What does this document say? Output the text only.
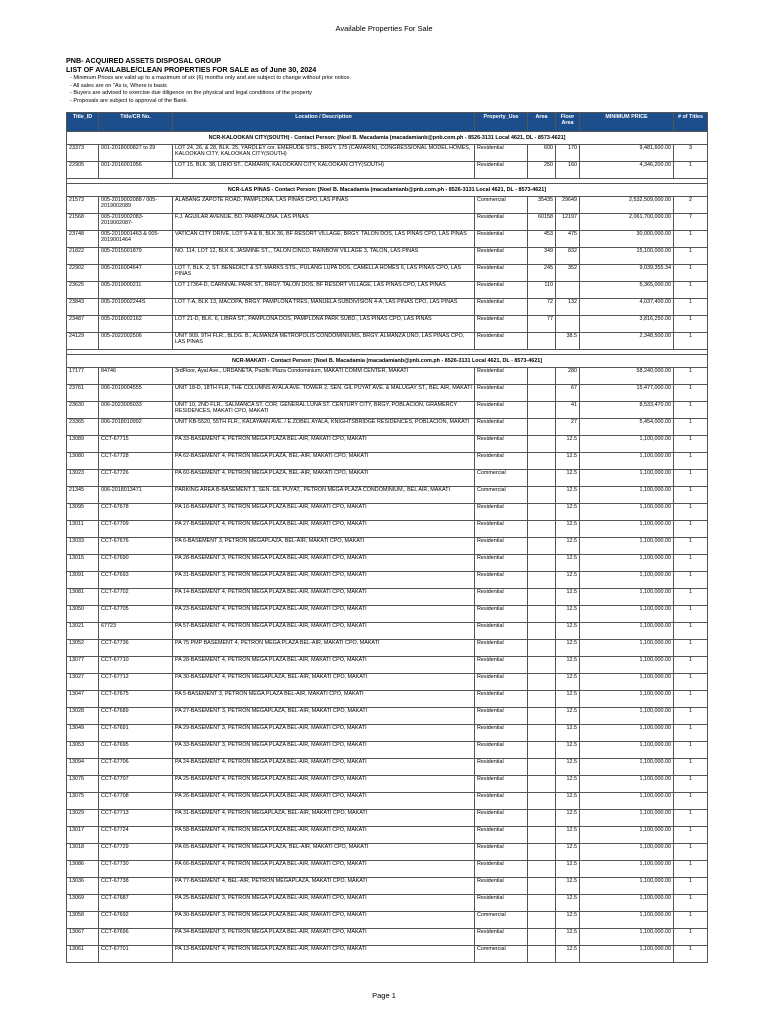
Available Properties For Sale
PNB- ACQUIRED ASSETS DISPOSAL GROUP
LIST OF AVAILABLE/CLEAN PROPERTIES FOR SALE as of June 30, 2024
- Minimum Prices are valid up to a maximum of six (6) months only and are subject to change without prior notice.
- All sales are on "As is, Where is basis
- Buyers are advised to exercise due diligence on the physical and legal conditions of the property
- Proposals are subject to approval of the Bank.
Title_ID	Title/CR No.	Location / Description	Property_Use	Area	Floor Area	MINIMUM PRICE	# of Titles
NCR-KALOOKAN CITY(SOUTH) - Contact Person: [Noel B. Macadamia (macadamianb@pnb.com.ph - 8526-3131 Local 4621, DL - 8573-4621]							
23373	001-2018000827 to 29	LOT 24, 26, & 28, BLK. 25, YARDLEY cor. EMERUDE STS., BRGY. 175 (CAMARIN), CONGRESSIONAL MODEL HOMES, KALOOKAN CITY, KALOOKAN CITY(SOUTH)	Residential	600	170	9,481,600.00	3
22905	001-2016001956	LOT 15, BLK. 38, LIRIO ST., CAMARIN, KALOOKAN CITY, KALOOKAN CITY(SOUTH)	Residential	250	160	4,346,200.00	1

NCR-LAS PINAS - Contact Person: [Noel B. Macadamia (macadamianb@pnb.com.ph - 8526-3131 Local 4621, DL - 8573-4621]							
21573	005-2019002088 / 005-2019002089	ALABANG ZAPOTE ROAD, PAMPLONA, LAS PINAS CPO, LAS PINAS	Commercial	35435	29649	2,532,509,000.00	2
21568	005-2019002083-2019002087-	F.J. AGUILAR AVENUE, BO. PAMPALONA, LAS PINAS	Residential	60158	12197	2,061,700,000.00	7
23748	005-2019001463 & 005-2019001464	VATICAN CITY DRIVE, LOT 9-A & B, BLK 36, BF RESORT VILLAGE, BRGY. TALON DOS, LAS PINAS CPO, LAS PINAS	Residential	453	475	30,000,000.00	1
21822	005-2015001879	NO. 114, LOT 12, BLK 6, JASMINE ST.,, TALON CINCO, RAINBOW VILLAGE 3, TALON, LAS PINAS	Residential	349	832	15,100,000.00	1
22902	005-2016004647	LOT 7, BLK. 2, ST. BENEDICT & ST. MARKS STS., PULANG LUPA DOS, CAMELLA HOMES 6, LAS PINAS CPO, LAS PINAS	Residential	245	352	9,039,355.34	1
23625	005-2019000211	LOT 17364-D, CARNIVAL PARK ST., BRGY. TALON DOS, BF RESORT VILLAGE, LAS PINAS CPO, LAS PINAS	Residential	110		5,365,000.00	1
23843	005-2019002244S	LOT 7-A, BLK 13, MACOPA, BRGY. PAMPLONA TRES, MANUELA SUBDIVISION 4-A, LAS PINAS CPO, LAS PINAS	Residential	72	132	4,037,400.00	1
23487	005-2018002162	LOT 21-D, BLK. 6, LIBRA ST., PAMPLONA DOS, PAMPLONA PARK SUBD., LAS PINAS CPO, LAS PINAS	Residential	77		3,816,250.00	1
24129	005-2022002506	UNIT 909, 9TH FLR., BLDG. B., ALMANZA METROPOLIS CONDOMINIUMS, BRGY. ALMANZA UNO, LAS PINAS CPO, LAS PINAS	Residential		38.5	2,348,500.00	1

NCR-MAKATI - Contact Person: [Noel B. Macadamia (macadamianb@pnb.com.ph - 8526-3131 Local 4621, DL - 8573-4621]							
17177	84746	3rdFloor, Ayal Ave., URDANETA, Pacific Plaza Condominium, MAKATI COMM CENTER, MAKATI	Residential		280	58,240,000.00	1
23761	006-2019004555	UNIT 18-D, 18TH FLR, THE COLUMNS AYALA AVE. TOWER 2, SEN. GIL PUYAT AVE. & MALUGAY ST., BEL AIR, MAKATI	Residential		67	15,477,000.00	1
23630	006-2023005033	UNIT 10, 2ND FLR., SALMANCA ST. COR. GENERAL LUNA ST. CENTURY CITY, BRGY. POBLACION, GRAMERCY RESIDENCES, MAKATI CPO, MAKATI	Residential		41	8,533,470.00	1
23365	006-2018010992	UNIT KB-5520, 55TH FLR., KALAYAAN AVE. / E.ZOBEL AYALA, KNIGHTSBRIDGE RESIDENCES, POBLACION, MAKATI	Residential		27	5,454,000.00	1
13089	CCT-67715	PA 33-BASEMENT 4, PETRON MEGA PLAZA BEL-AIR, MAKATI CPO, MAKATI	Residential		12.5	1,100,000.00	1
13080	CCT-67728	PA 62-BASEMENT 4, PETRON MEGA PLAZA, BEL-AIR, MAKATI CPO, MAKATI	Residential		12.5	1,100,000.00	1
13023	CCT-67726	PA 60-BASEMENT 4, PETRON MEGA PLAZA, BEL-AIR, MAKATI CPO, MAKATI	Commercial		12.5	1,100,000.00	1
21345	006-2018013471	PARKING AREA B-BASEMENT 3, SEN. GIL PUYAT,, PETRON MEGA PLAZA CONDOMINIUM,, BEL AIR, MAKATI	Commercial		12.5	1,100,000.00	1
13095	CCT-67678	PA 16-BASEMENT 3, PETRON MEGA PLAZA BEL-AIR, MAKATI CPO, MAKATI	Residential		12.5	1,100,000.00	1
13011	CCT-67709	PA 27-BASEMENT 4, PETRON MEGA PLAZA BEL-AIR, MAKATI CPO, MAKATI	Residential		12.5	1,100,000.00	1
13033	CCT-67676	PA 6-BASEMENT 3, PETRON MEGAPLAZA, BEL-AIR, MAKATI CPO, MAKATI	Residential		12.5	1,100,000.00	1
13015	CCT-67690	PA 28-BASEMENT 3, PETRON MEGA PLAZA BEL-AIR, MAKATI CPO, MAKATI	Residential		12.5	1,100,000.00	1
13091	CCT-67693	PA 31-BASEMENT 3, PETRON MEGA PLAZA BEL-AIR, MAKATI CPO, MAKATI	Residential		12.5	1,100,000.00	1
13081	CCT-67702	PA 14-BASEMENT 4, PETRON MEGA PLAZA BEL-AIR, MAKATI CPO, MAKATI	Residential		12.5	1,100,000.00	1
13050	CCT-67705	PA 23-BASEMENT 4, PETRON MEGA PLAZA BEL-AIR, MAKATI CPO, MAKATI	Residential		12.5	1,100,000.00	1
13021	67723	PA 57-BASEMENT 4, PETRON MEGA PLAZA BEL-AIR, MAKATI CPO, MAKATI	Residential		12.5	1,100,000.00	1
13052	CCT-67736	PA 75 PMP BASEMENT 4, PETRON MEGA PLAZA BEL-AIR, MAKATI CPO, MAKATI	Residential		12.5	1,100,000.00	1
13077	CCT-67710	PA 28-BASEMENT 4, PETRON MEGA PLAZA BEL-AIR, MAKATI CPO, MAKATI	Residential		12.5	1,100,000.00	1
13027	CCT-67712	PA 30-BASEMENT 4, PETRON MEGAPLAZA, BEL-AIR, MAKATI CPO, MAKATI	Residential		12.5	1,100,000.00	1
13047	CCT-67675	PA 5-BASEMENT 3, PETRON MEGA PLAZA BEL-AIR, MAKATI CPO, MAKATI	Residential		12.5	1,100,000.00	1
13028	CCT-67689	PA 27-BASEMENT 3, PETRON MEGAPLAZA, BEL-AIR, MAKATI CPO, MAKATI	Residential		12.5	1,100,000.00	1
13049	CCT-67691	PA 29-BASEMENT 3, PETRON MEGA PLAZA BEL-AIR, MAKATI CPO, MAKATI	Residential		12.5	1,100,000.00	1
13053	CCT-67695	PA 33-BASEMENT 3, PETRON MEGA PLAZA BEL-AIR, MAKATI CPO, MAKATI	Residential		12.5	1,100,000.00	1
13094	CCT-67706	PA 24-BASEMENT 4, PETRON MEGA PLAZA BEL-AIR, MAKATI CPO, MAKATI	Residential		12.5	1,100,000.00	1
13076	CCT-67707	PA 25-BASEMENT 4, PETRON MEGA PLAZA BEL-AIR, MAKATI CPO, MAKATI	Residential		12.5	1,100,000.00	1
13075	CCT-67708	PA 26-BASEMENT 4, PETRON MEGA PLAZA BEL-AIR, MAKATI CPO, MAKATI	Residential		12.5	1,100,000.00	1
13029	CCT-67713	PA 31-BASEMENT 4, PETRON MEGAPLAZA, BEL-AIR, MAKATI CPO, MAKATI	Residential		12.5	1,100,000.00	1
13017	CCT-67724	PA 58-BASEMENT 4, PETRON MEGA PLAZA BEL-AIR, MAKATI CPO, MAKATI	Residential		12.5	1,100,000.00	1
13018	CCT-67729	PA 65-BASEMENT 4, PETRON MEGA PLAZA, BEL-AIR, MAKATI CPO, MAKATI	Residential		12.5	1,100,000.00	1
13086	CCT-67730	PA 66-BASEMENT 4, PETRON MEGA PLAZA BEL-AIR, MAKATI CPO, MAKATI	Residential		12.5	1,100,000.00	1
13036	CCT-67738	PA 77-BASEMENT 4, BEL-AIR, PETRON MEGAPLAZA, MAKATI CPO, MAKATI	Residential		12.5	1,100,000.00	1
13069	CCT-67687	PA 25-BASEMENT 3, PETRON MEGA PLAZA BEL-AIR, MAKATI CPO, MAKATI	Residential		12.5	1,100,000.00	1
13058	CCT-67692	PA 30-BASEMENT 3, PETRON MEGA PLAZA BEL-AIR, MAKATI CPO, MAKATI	Commercial		12.5	1,100,000.00	1
13067	CCT-67696	PA 34-BASEMENT 3, PETRON MEGA PLAZA BEL-AIR, MAKATI CPO, MAKATI	Residential		12.5	1,100,000.00	1
13061	CCT-67701	PA 13-BASEMENT 4, PETRON MEGA PLAZA BEL-AIR, MAKATI CPO, MAKATI	Commercial		12.5	1,100,000.00	1
Page 1
